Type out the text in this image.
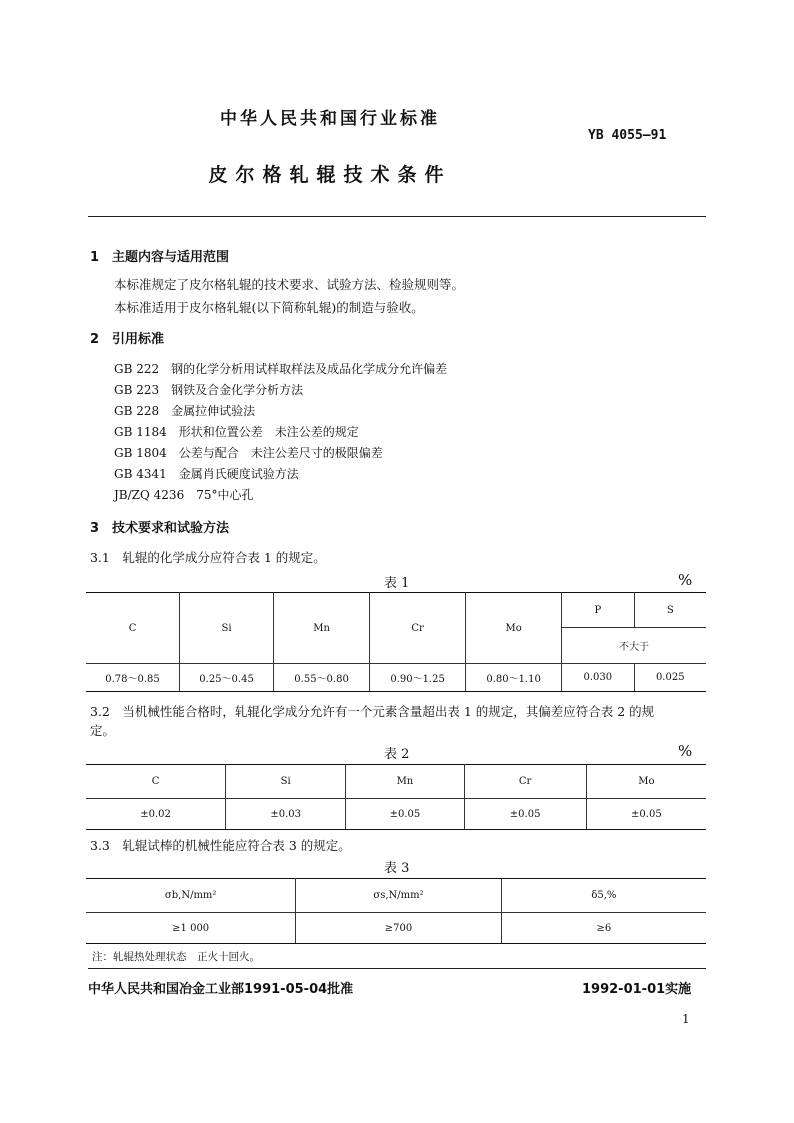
中华人民共和国行业标准
YB 4055—91
皮尔格轧辊技术条件
1　主题内容与适用范围
本标准规定了皮尔格轧辊的技术要求、试验方法、检验规则等。
本标准适用于皮尔格轧辊(以下简称轧辊)的制造与验收。
2　引用标准
GB 222　钢的化学分析用试样取样法及成品化学成分允许偏差
GB 223　钢铁及合金化学分析方法
GB 228　金属拉伸试验法
GB 1184　形状和位置公差　未注公差的规定
GB 1804　公差与配合　未注公差尺寸的极限偏差
GB 4341　金属肖氏硬度试验方法
JB/ZQ 4236　75°中心孔
3　技术要求和试验方法
3.1　轧辊的化学成分应符合表 1 的规定。
表 1	%
C	Si	Mn	Cr	Mo	P	S
					不大于	
0.78～0.85	0.25～0.45	0.55～0.80	0.90～1.25	0.80～1.10	0.030	0.025
3.2　当机械性能合格时，轧辊化学成分允许有一个元素含量超出表 1 的规定，其偏差应符合表 2 的规
定。
表 2	%
C	Si	Mn	Cr	Mo
±0.02	±0.03	±0.05	±0.05	±0.05
3.3　轧辊试棒的机械性能应符合表 3 的规定。
表 3
σb,N/mm²	σs,N/mm²	δ5,%
≥1 000	≥700	≥6
注：轧辊热处理状态　正火十回火。
中华人民共和国冶金工业部1991-05-04批准	1992-01-01实施
1
